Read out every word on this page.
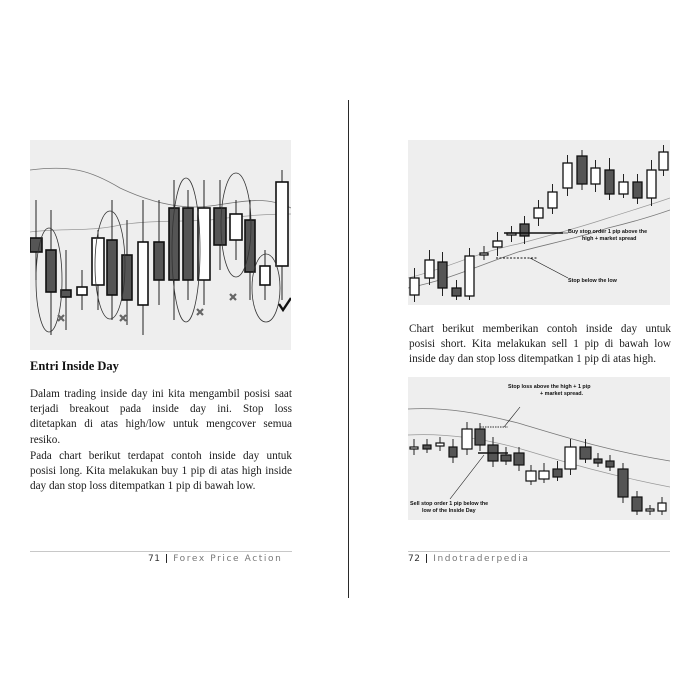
Entri Inside Day
Dalam trading inside day ini kita mengambil posisi saat
terjadi breakout pada inside day ini. Stop loss
ditetapkan di atas high/low untuk mengcover semua
resiko.
Pada chart berikut terdapat contoh inside day untuk
posisi long. Kita melakukan buy 1 pip di atas high inside
day dan stop loss ditempatkan 1 pip di bawah low.
71 | Forex Price Action
Buy stop order 1 pip above the
high + market spread
Stop below the low
Chart berikut memberikan contoh inside day untuk
posisi short. Kita melakukan sell 1 pip di bawah low
inside day dan stop loss ditempatkan 1 pip di atas high.
Stop loss above the high + 1 pip
+ market spread.
Sell stop order 1 pip below the
low of the Inside Day
72 | Indotraderpedia
